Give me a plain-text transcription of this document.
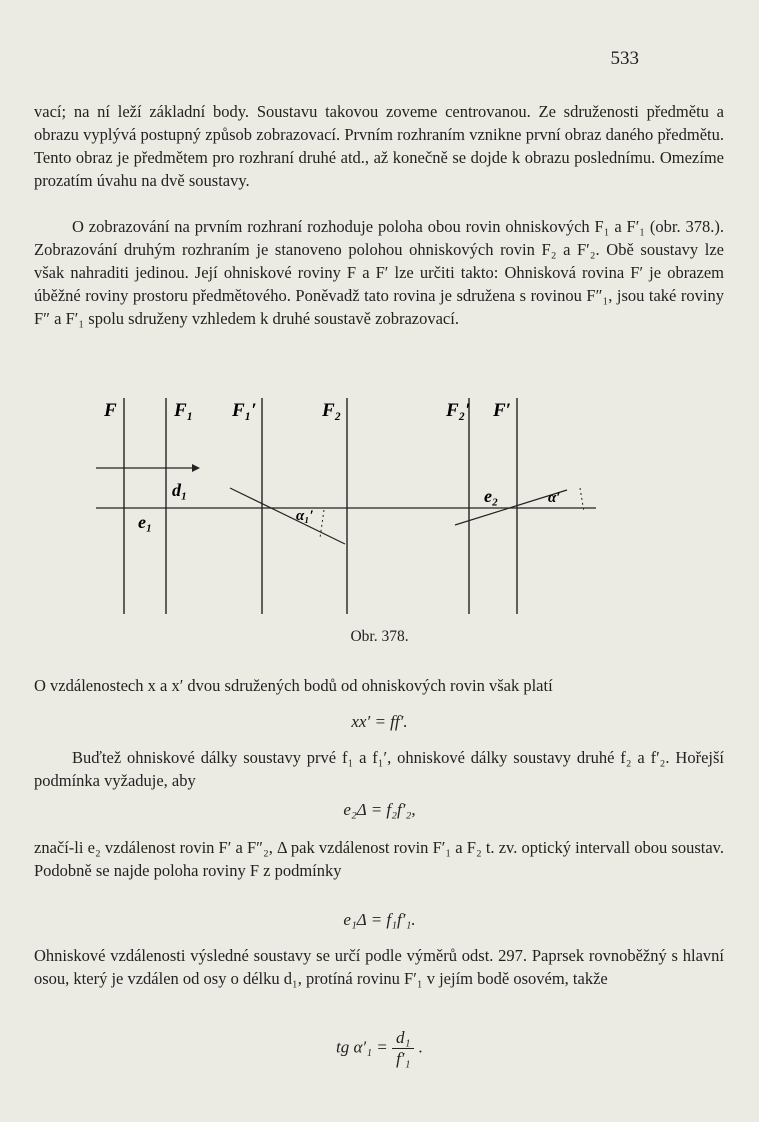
533

vací; na ní leží základní body. Soustavu takovou zoveme centrovanou. Ze sdruženosti předmětu a obrazu vyplývá postupný způsob zobrazovací. Prvním rozhraním vznikne první obraz daného předmětu. Tento obraz je předmětem pro rozhraní druhé atd., až konečně se dojde k obrazu poslednímu. Omezíme prozatím úvahu na dvě soustavy.

O zobrazování na prvním rozhraní rozhoduje poloha obou rovin ohniskových F₁ a F′₁ (obr. 378.). Zobrazování druhým rozhraním je stanoveno polohou ohniskových rovin F₂ a F′₂. Obě soustavy lze však nahraditi jedinou. Její ohniskové roviny F a F′ lze určiti takto: Ohnisková rovina F′ je obrazem úběžné roviny prostoru předmětového. Poněvadž tato rovina je sdružena s rovinou F″₁, jsou také roviny F″ a F′₁ spolu sdruženy vzhledem k druhé soustavě zobrazovací.

F	F₁ F₁′	F₂	F₂′ F′
e₁
d₁	e₂
α₁′
α′
Obr. 378.

O vzdálenostech x a x′ dvou sdružených bodů od ohniskových rovin však platí

xx′ = ff′.

Buďtež ohniskové dálky soustavy prvé f₁ a f₁′, ohniskové dálky soustavy druhé f₂ a f′₂. Hořejší podmínka vyžaduje, aby

e₂Δ = f₂f′₂,

značí-li e₂ vzdálenost rovin F′ a F″₂, Δ pak vzdálenost rovin F′₁ a F₂ t. zv. optický intervall obou soustav. Podobně se najde poloha roviny F z podmínky

e₁Δ = f₁f′₁.

Ohniskové vzdálenosti výsledné soustavy se určí podle výměrů odst. 297. Paprsek rovnoběžný s hlavní osou, který je vzdálen od osy o délku d₁, protíná rovinu F′₁ v jejím bodě osovém, takže

tg $\alpha'_1 = \frac{\text{d₁}}{\text{f′₁}}$ .
